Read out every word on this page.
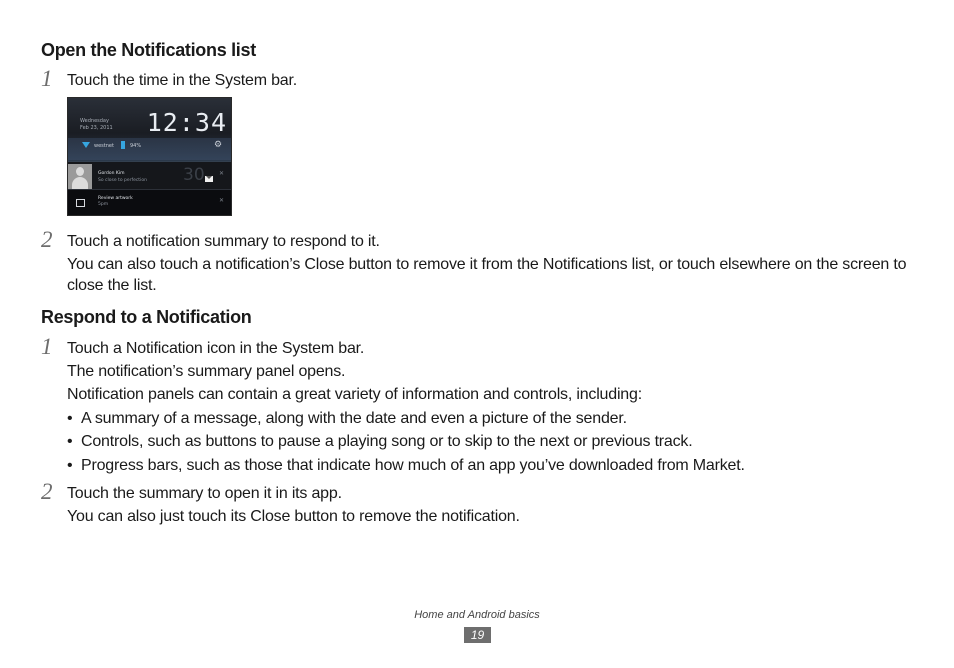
Open the Notifications list
1 Touch the time in the System bar.
Wednesday
Feb 23, 2011 12:34
westnet	94%	⚙
Gordon Kim
So close to perfection 30 ✕
Review artwork
5pm
✕
2 Touch a notification summary to respond to it.
You can also touch a notification’s Close button to remove it from the Notifications list, or touch elsewhere on the screen to close the list.
Respond to a Notification
1 Touch a Notification icon in the System bar.
The notification’s summary panel opens.
Notification panels can contain a great variety of information and controls, including:
• A summary of a message, along with the date and even a picture of the sender.
• Controls, such as buttons to pause a playing song or to skip to the next or previous track.
• Progress bars, such as those that indicate how much of an app you’ve downloaded from Market.
2 Touch the summary to open it in its app.
You can also just touch its Close button to remove the notification.
Home and Android basics
19
